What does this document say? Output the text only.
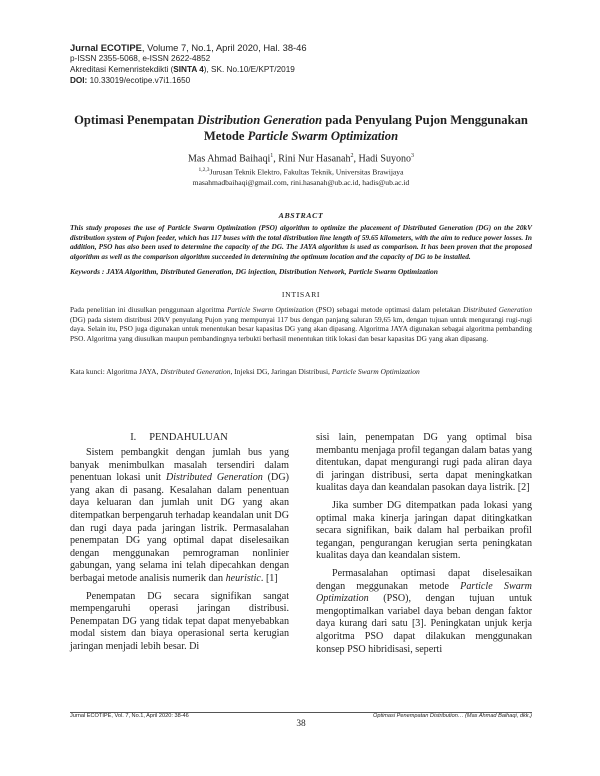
Jurnal ECOTIPE, Volume 7, No.1, April 2020, Hal. 38-46
p-ISSN 2355-5068, e-ISSN 2622-4852
Akreditasi Kemenristekdikti (SINTA 4), SK. No.10/E/KPT/2019
DOI: 10.33019/ecotipe.v7i1.1650
Optimasi Penempatan Distribution Generation pada Penyulang Pujon Menggunakan Metode Particle Swarm Optimization
Mas Ahmad Baihaqi$^1$, Rini Nur Hasanah$^2$, Hadi Suyono$^3$
$^{1,2,3}$Jurusan Teknik Elektro, Fakultas Teknik, Universitas Brawijaya
masahmadbaihaqi@gmail.com, rini.hasanah@ub.ac.id, hadis@ub.ac.id
ABSTRACT
This study proposes the use of Particle Swarm Optimization (PSO) algorithm to optimize the placement of Distributed Generation (DG) on the 20kV distribution system of Pujon feeder, which has 117 buses with the total distribution line length of 59.65 kilometers, with the aim to reduce power losses. In addition, PSO has also been used to determine the capacity of the DG. The JAYA algorithm is used as comparison. It has been proven that the proposed algorithm as well as the comparison algorithm succeeded in determining the optimum location and the capacity of DG to be installed.
Keywords : JAYA Algorithm, Distributed Generation, DG injection, Distribution Network, Particle Swarm Optimization
INTISARI
Pada penelitian ini diusulkan penggunaan algoritma Particle Swarm Optimization (PSO) sebagai metode optimasi dalam peletakan Distributed Generation (DG) pada sistem distribusi 20kV penyulang Pujon yang mempunyai 117 bus dengan panjang saluran 59,65 km, dengan tujuan untuk mengurangi rugi-rugi daya. Selain itu, PSO juga digunakan untuk menentukan besar kapasitas DG yang akan dipasang. Algoritma JAYA digunakan sebagai algoritma pembanding PSO. Algoritma yang diusulkan maupun pembandingnya terbukti berhasil menentukan titik lokasi dan besar kapasitas DG yang akan dipasang.
Kata kunci: Algoritma JAYA, Distributed Generation, Injeksi DG, Jaringan Distribusi, Particle Swarm Optimization
I.     PENDAHULUAN

Sistem pembangkit dengan jumlah bus yang banyak menimbulkan masalah tersendiri dalam penentuan lokasi unit Distributed Generation (DG) yang akan di pasang. Kesalahan dalam penentuan daya keluaran dan jumlah unit DG yang akan ditempatkan berpengaruh terhadap keandalan unit DG dan rugi daya pada jaringan listrik. Permasalahan penempatan DG yang optimal dapat diselesaikan dengan menggunakan pemrograman nonlinier gabungan, yang selama ini telah dipecahkan dengan berbagai metode analisis numerik dan heuristic. [1]

Penempatan DG secara signifikan sangat mempengaruhi operasi jaringan distribusi. Penempatan DG yang tidak tepat dapat menyebabkan modal sistem dan biaya operasional serta kerugian jaringan menjadi lebih besar. Di

sisi lain, penempatan DG yang optimal bisa membantu menjaga profil tegangan dalam batas yang ditentukan, dapat mengurangi rugi pada aliran daya di jaringan distribusi, serta dapat meningkatkan kualitas daya dan keandalan pasokan daya listrik. [2]

Jika sumber DG ditempatkan pada lokasi yang optimal maka kinerja jaringan dapat ditingkatkan secara signifikan, baik dalam hal perbaikan profil tegangan, pengurangan kerugian serta peningkatan kualitas daya dan keandalan sistem.

Permasalahan optimasi dapat diselesaikan dengan meggunakan metode Particle Swarm Optimization (PSO), dengan tujuan untuk mengoptimalkan variabel daya beban dengan faktor daya kurang dari satu [3]. Peningkatan unjuk kerja algoritma PSO dapat dilakukan menggunakan konsep PSO hibridisasi, seperti

Jurnal ECOTIPE, Vol. 7, No.1, April 2020: 38-46	Optimasi Penempatan Distribution… (Mas Ahmad Baihaqi, dkk.)
38
